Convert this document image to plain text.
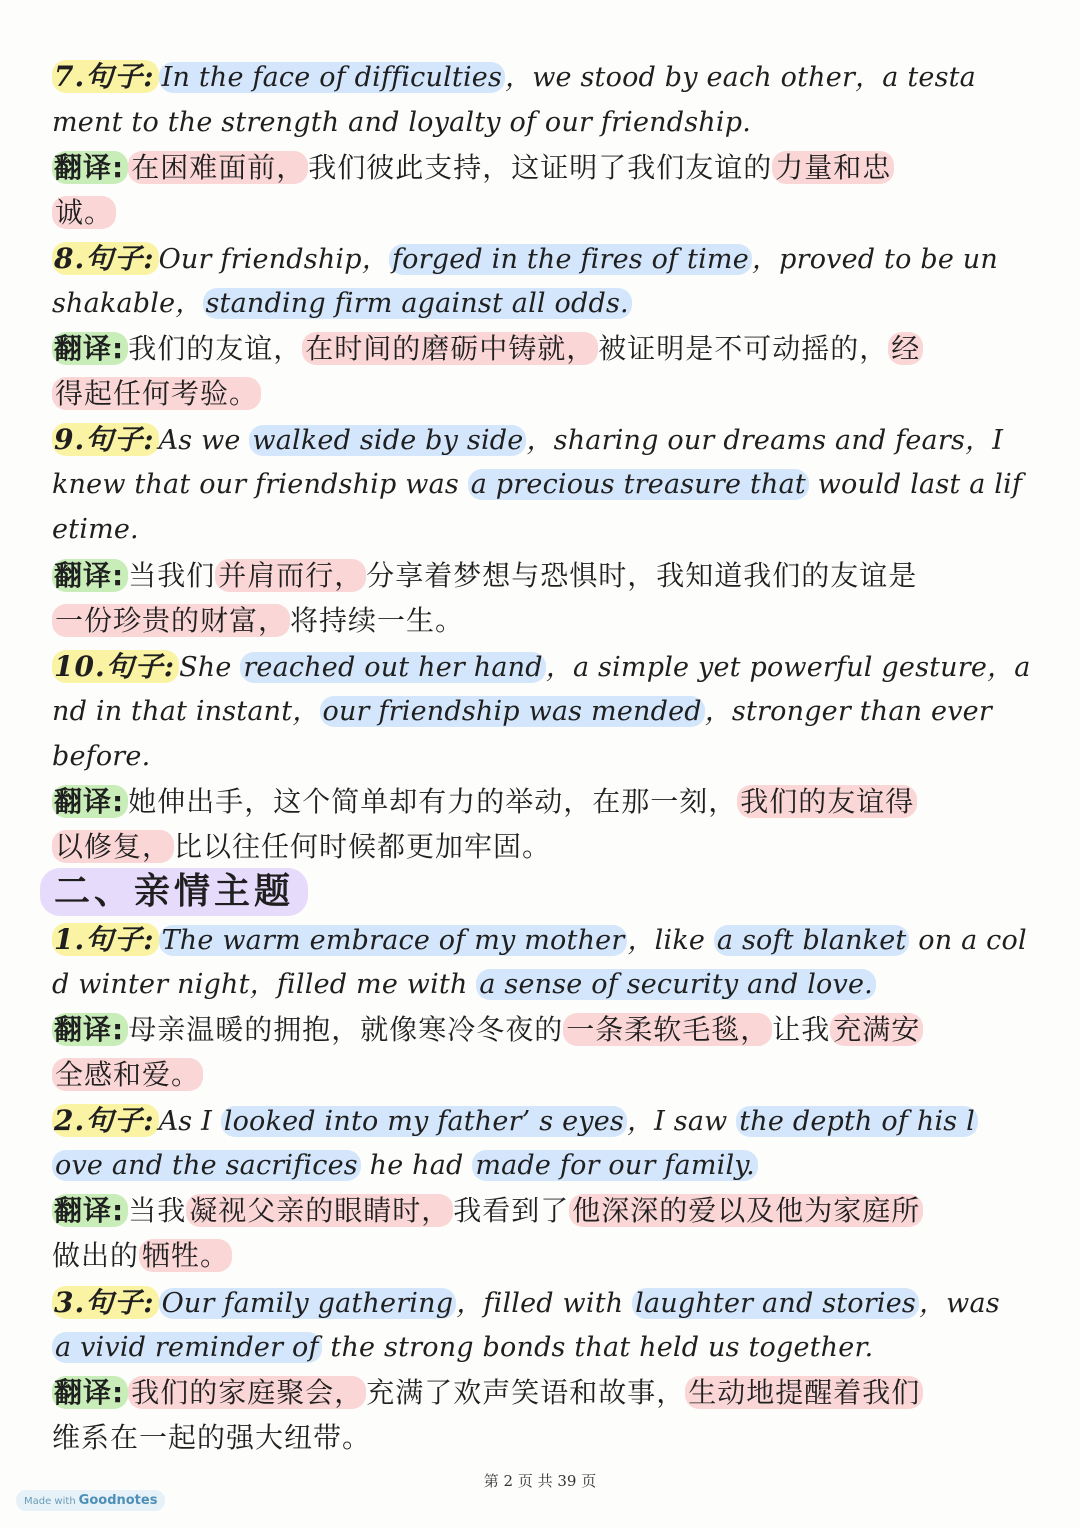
7.句子: In the face of difficulties ，we stood by each other，a testa
ment to the strength and loyalty of our friendship.
翻译: 在困难面前， 我们彼此支持，这证明了我们友谊的 力量和忠
诚。
8.句子: Our friendship， forged in the fires of time ，proved to be un
shakable， standing firm against all odds.
翻译: 我们的友谊， 在时间的磨砺中铸就， 被证明是不可动摇的， 经
得起任何考验。
9.句子: As we walked side by side ，sharing our dreams and fears，I
knew that our friendship was a precious treasure that would last a lif
etime.
翻译: 当我们 并肩而行， 分享着梦想与恐惧时，我知道我们的友谊是
一份珍贵的财富， 将持续一生。
10.句子: She reached out her hand ，a simple yet powerful gesture，a
nd in that instant， our friendship was mended ，stronger than ever
before.
翻译: 她伸出手，这个简单却有力的举动，在那一刻， 我们的友谊得
以修复， 比以往任何时候都更加牢固。
二、亲情主题
1.句子: The warm embrace of my mother ，like a soft blanket on a col
d winter night，filled me with a sense of security and love.
翻译: 母亲温暖的拥抱，就像寒冷冬夜的 一条柔软毛毯， 让我 充满安
全感和爱。
2.句子: As I looked into my father’ s eyes ，I saw the depth of his l
ove and the sacrifices he had made for our family.
翻译: 当我 凝视父亲的眼睛时， 我看到了 他深深的爱以及他为家庭所
做出的 牺牲。
3.句子: Our family gathering ，filled with laughter and stories ，was
a vivid reminder of the strong bonds that held us together.
翻译: 我们的家庭聚会， 充满了欢声笑语和故事， 生动地提醒着我们
维系在一起的强大纽带。
第 2 页 共 39 页
Made with Goodnotes
